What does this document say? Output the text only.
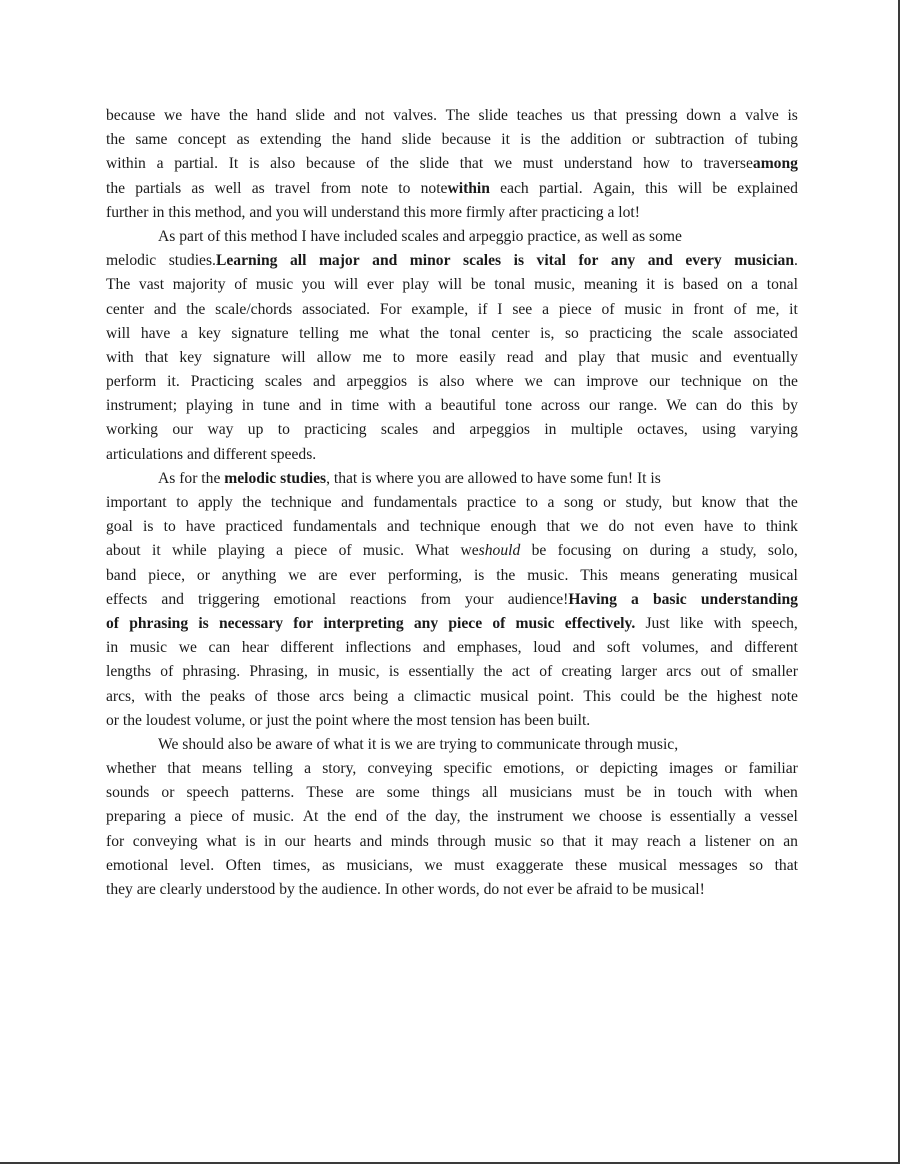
because we have the hand slide and not valves. The slide teaches us that pressing down a valve is
the same concept as extending the hand slide because it is the addition or subtraction of tubing
within a partial. It is also because of the slide that we must understand how to traverseamong
the partials as well as travel from note to notewithin each partial. Again, this will be explained
further in this method, and you will understand this more firmly after practicing a lot!
As part of this method I have included scales and arpeggio practice, as well as some
melodic studies.Learning all major and minor scales is vital for any and every musician.
The vast majority of music you will ever play will be tonal music, meaning it is based on a tonal
center and the scale/chords associated. For example, if I see a piece of music in front of me, it
will have a key signature telling me what the tonal center is, so practicing the scale associated
with that key signature will allow me to more easily read and play that music and eventually
perform it. Practicing scales and arpeggios is also where we can improve our technique on the
instrument; playing in tune and in time with a beautiful tone across our range. We can do this by
working our way up to practicing scales and arpeggios in multiple octaves, using varying
articulations and different speeds.
As for the melodic studies, that is where you are allowed to have some fun! It is
important to apply the technique and fundamentals practice to a song or study, but know that the
goal is to have practiced fundamentals and technique enough that we do not even have to think
about it while playing a piece of music. What weshould be focusing on during a study, solo,
band piece, or anything we are ever performing, is the music. This means generating musical
effects and triggering emotional reactions from your audience!Having a basic understanding
of phrasing is necessary for interpreting any piece of music effectively. Just like with speech,
in music we can hear different inflections and emphases, loud and soft volumes, and different
lengths of phrasing. Phrasing, in music, is essentially the act of creating larger arcs out of smaller
arcs, with the peaks of those arcs being a climactic musical point. This could be the highest note
or the loudest volume, or just the point where the most tension has been built.
We should also be aware of what it is we are trying to communicate through music,
whether that means telling a story, conveying specific emotions, or depicting images or familiar
sounds or speech patterns. These are some things all musicians must be in touch with when
preparing a piece of music. At the end of the day, the instrument we choose is essentially a vessel
for conveying what is in our hearts and minds through music so that it may reach a listener on an
emotional level. Often times, as musicians, we must exaggerate these musical messages so that
they are clearly understood by the audience. In other words, do not ever be afraid to be musical!
